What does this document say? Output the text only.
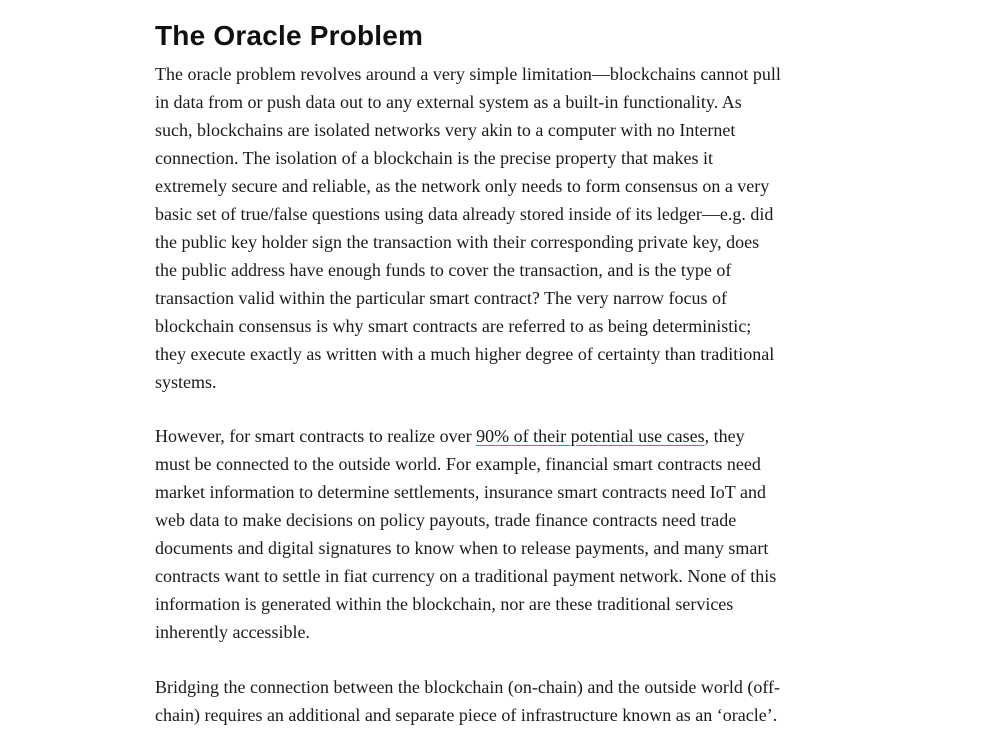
The Oracle Problem

The oracle problem revolves around a very simple limitation—blockchains cannot pull
in data from or push data out to any external system as a built-in functionality. As
such, blockchains are isolated networks very akin to a computer with no Internet
connection. The isolation of a blockchain is the precise property that makes it
extremely secure and reliable, as the network only needs to form consensus on a very
basic set of true/false questions using data already stored inside of its ledger—e.g. did
the public key holder sign the transaction with their corresponding private key, does
the public address have enough funds to cover the transaction, and is the type of
transaction valid within the particular smart contract? The very narrow focus of
blockchain consensus is why smart contracts are referred to as being deterministic;
they execute exactly as written with a much higher degree of certainty than traditional
systems.

However, for smart contracts to realize over 90% of their potential use cases, they
must be connected to the outside world. For example, financial smart contracts need
market information to determine settlements, insurance smart contracts need IoT and
web data to make decisions on policy payouts, trade finance contracts need trade
documents and digital signatures to know when to release payments, and many smart
contracts want to settle in fiat currency on a traditional payment network. None of this
information is generated within the blockchain, nor are these traditional services
inherently accessible.

Bridging the connection between the blockchain (on-chain) and the outside world (off-
chain) requires an additional and separate piece of infrastructure known as an ‘oracle’.
